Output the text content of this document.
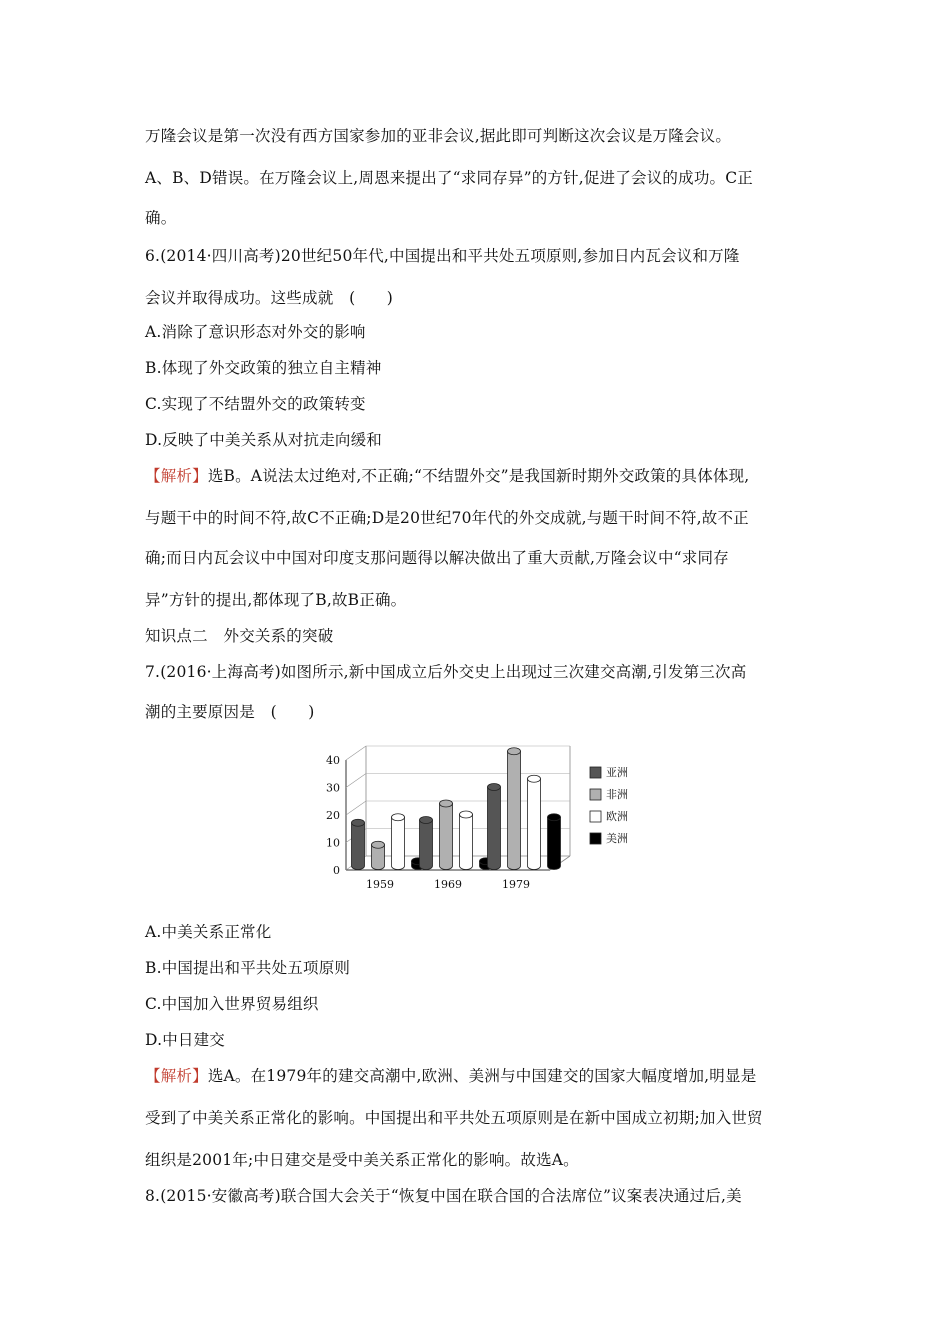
万隆会议是第一次没有西方国家参加的亚非会议,据此即可判断这次会议是万隆会议。
A、B、D错误。在万隆会议上,周恩来提出了“求同存异”的方针,促进了会议的成功。C正
确。
6.(2014·四川高考)20世纪50年代,中国提出和平共处五项原则,参加日内瓦会议和万隆
会议并取得成功。这些成就　(　　)
A.消除了意识形态对外交的影响
B.体现了外交政策的独立自主精神
C.实现了不结盟外交的政策转变
D.反映了中美关系从对抗走向缓和
【解析】选B。A说法太过绝对,不正确;“不结盟外交”是我国新时期外交政策的具体体现,
与题干中的时间不符,故C不正确;D是20世纪70年代的外交成就,与题干时间不符,故不正
确;而日内瓦会议中中国对印度支那问题得以解决做出了重大贡献,万隆会议中“求同存
异”方针的提出,都体现了B,故B正确。
知识点二　外交关系的突破
7.(2016·上海高考)如图所示,新中国成立后外交史上出现过三次建交高潮,引发第三次高
潮的主要原因是　(　　)
A.中美关系正常化
B.中国提出和平共处五项原则
C.中国加入世界贸易组织
D.中日建交
【解析】选A。在1979年的建交高潮中,欧洲、美洲与中国建交的国家大幅度增加,明显是
受到了中美关系正常化的影响。中国提出和平共处五项原则是在新中国成立初期;加入世贸
组织是2001年;中日建交是受中美关系正常化的影响。故选A。
8.(2015·安徽高考)联合国大会关于“恢复中国在联合国的合法席位”议案表决通过后,美
0
10
20
30
40
1959	1969	1979
亚洲
非洲
欧洲
美洲
